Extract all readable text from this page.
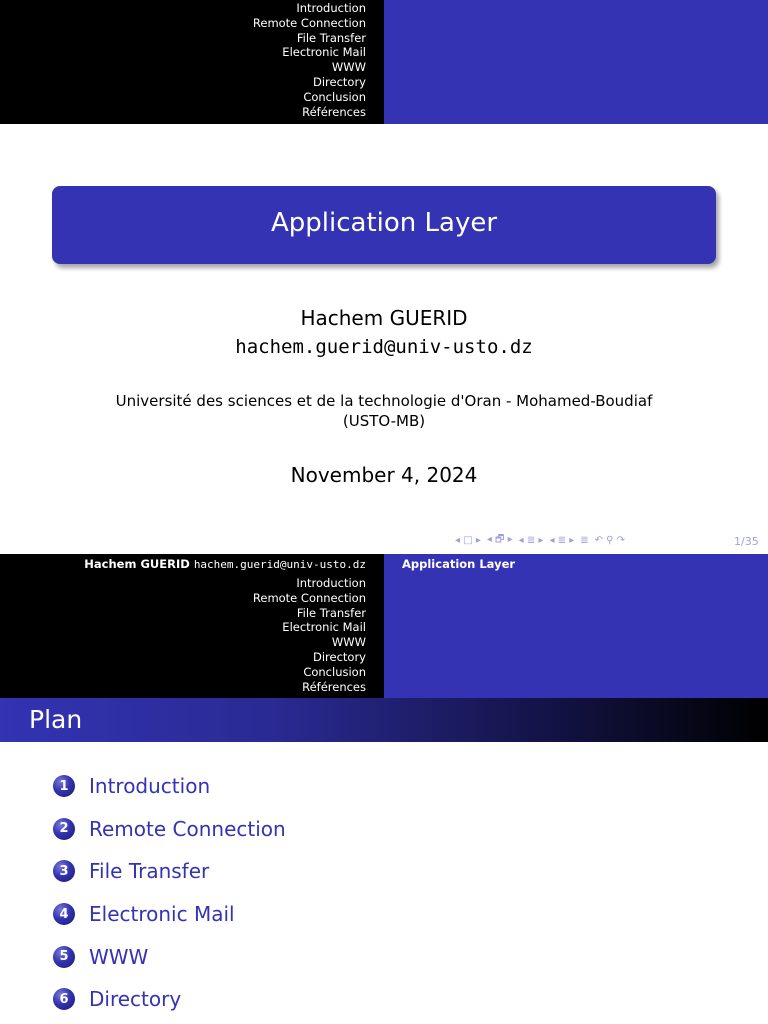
Introduction
Remote Connection
File Transfer
Electronic Mail
WWW
Directory
Conclusion
Références
Application Layer
Hachem GUERID
hachem.guerid@univ-usto.dz
Université des sciences et de la technologie d'Oran - Mohamed-Boudiaf
(USTO-MB)
November 4, 2024
◂ □ ▸ ◂ 🗗 ▸ ◂ ≣ ▸ ◂ ≣ ▸ ≣ ↶ ⚲ ↷	1/35
Introduction
Remote Connection
File Transfer
Electronic Mail
WWW
Directory
Conclusion
Références
Hachem GUERID hachem.guerid@univ-usto.dz	Application Layer
Plan
1	Introduction
2	Remote Connection
3	File Transfer
4	Electronic Mail
5	WWW
6	Directory
